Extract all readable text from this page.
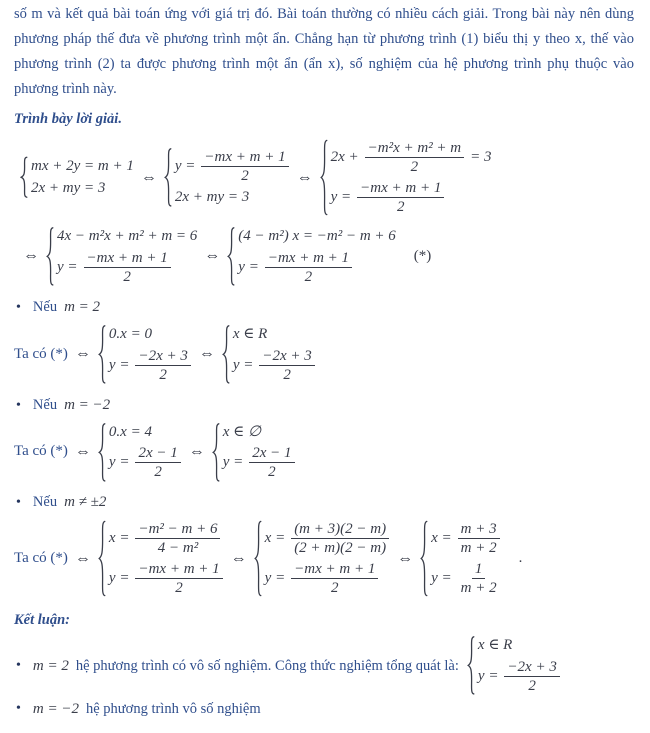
số m và kết quả bài toán ứng với giá trị đó. Bài toán thường có nhiều cách giải. Trong bài này nên dùng phương pháp thế đưa về phương trình một ẩn. Chẳng hạn từ phương trình (1) biểu thị y theo x, thế vào phương trình (2) ta được phương trình một ẩn (ẩn x), số nghiệm của hệ phương trình phụ thuộc vào phương trình này.

Trình bày lời giải.

mx + 2y = m + 1
2x + my = 3
⇔
$y = \frac{-mx + m + 1}{2}$
2x + my = 3
⇔
$2x + \frac{\text{−m²x + m² + m}}{2} = 3$
$y = \frac{-mx + m + 1}{2}$
⇔
4x − m²x + m² + m = 6
$y = \frac{-mx + m + 1}{2}$ ⇔
(4 − m²) x = −m² − m + 6
$y = \frac{-mx + m + 1}{2}$	(*)
• Nếu m = 2
Ta có (*) ⇔
0.x = 0
$y = \frac{-2x + 3}{2}$ ⇔
x ∈ R
$y = \frac{-2x + 3}{2}$
• Nếu m = −2
Ta có (*) ⇔
0.x = 4
$y = \frac{2x - 1}{2}$ ⇔
x ∈ ∅
$y = \frac{2x - 1}{2}$
• Nếu m ≠ ±2
Ta có (*) ⇔
$x = \frac{\text{−m² − m + 6}}{\text{4 − m²}}$
$y = \frac{-mx + m + 1}{2}$
⇔
$x = \frac{(m + 3)(2 - m)}{(2 + m)(2 - m)}$
$y = \frac{-mx + m + 1}{2}$
⇔
$x = \frac{m + 3}{m + 2}$
$y = \frac{1}{m + 2}$
.

Kết luận:

• m = 2 hệ phương trình có vô số nghiệm. Công thức nghiệm tổng quát là:
x ∈ R
$y = \frac{-2x + 3}{2}$
• m = −2 hệ phương trình vô số nghiệm
